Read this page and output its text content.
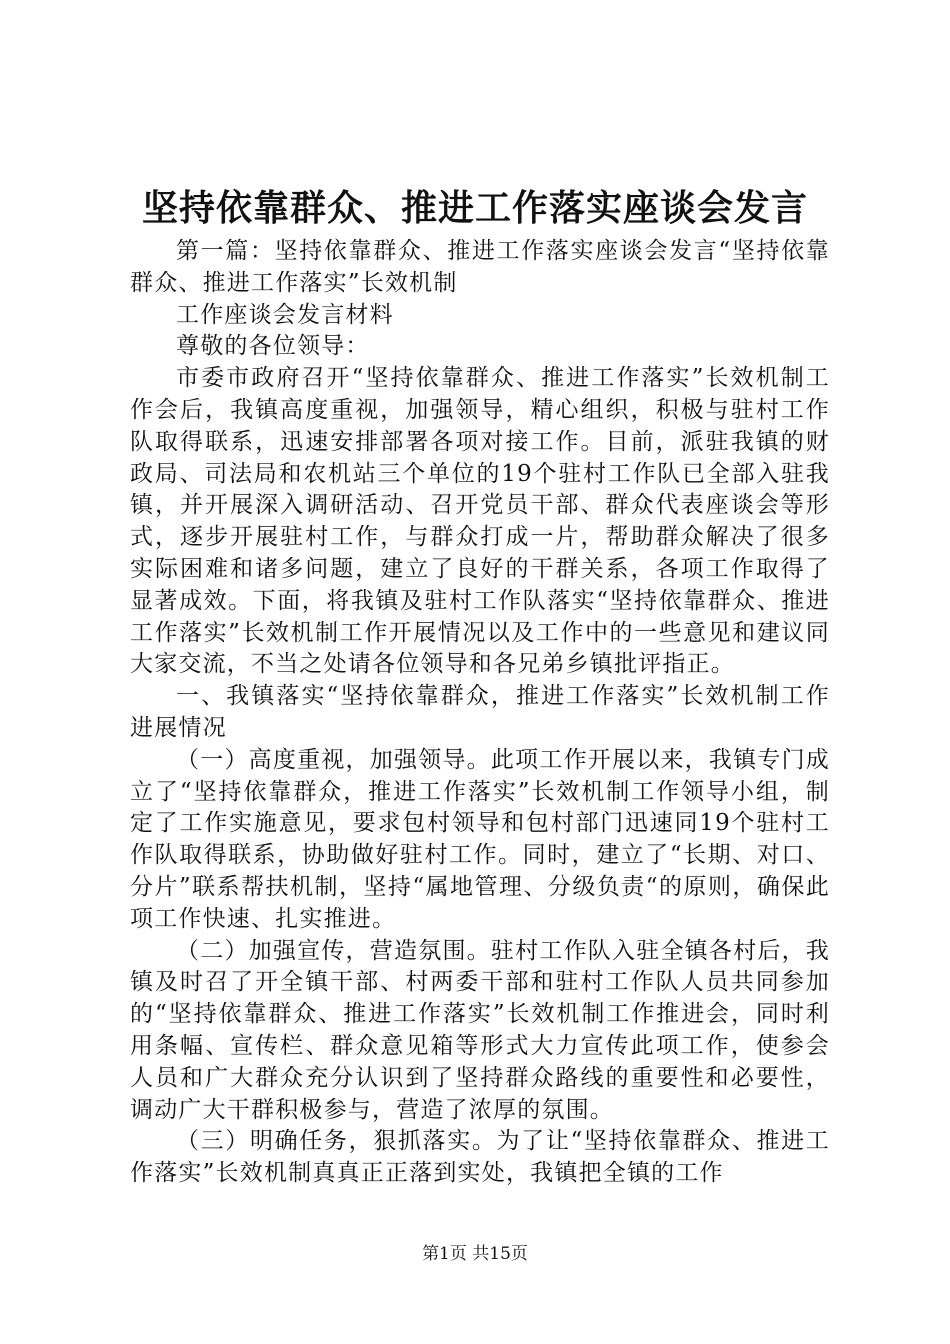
坚持依靠群众、推进工作落实座谈会发言

第一篇：坚持依靠群众、推进工作落实座谈会发言“坚持依靠群众、推进工作落实”长效机制

工作座谈会发言材料

尊敬的各位领导：

市委市政府召开“坚持依靠群众、推进工作落实”长效机制工作会后，我镇高度重视，加强领导，精心组织，积极与驻村工作队取得联系，迅速安排部署各项对接工作。目前，派驻我镇的财政局、司法局和农机站三个单位的19个驻村工作队已全部入驻我镇，并开展深入调研活动、召开党员干部、群众代表座谈会等形式，逐步开展驻村工作，与群众打成一片，帮助群众解决了很多实际困难和诸多问题，建立了良好的干群关系，各项工作取得了显著成效。下面，将我镇及驻村工作队落实“坚持依靠群众、推进工作落实”长效机制工作开展情况以及工作中的一些意见和建议同大家交流，不当之处请各位领导和各兄弟乡镇批评指正。

一、我镇落实“坚持依靠群众，推进工作落实”长效机制工作进展情况

（一）高度重视，加强领导。此项工作开展以来，我镇专门成立了“坚持依靠群众，推进工作落实”长效机制工作领导小组，制定了工作实施意见，要求包村领导和包村部门迅速同19个驻村工作队取得联系，协助做好驻村工作。同时，建立了“长期、对口、分片”联系帮扶机制，坚持“属地管理、分级负责“的原则，确保此项工作快速、扎实推进。

（二）加强宣传，营造氛围。驻村工作队入驻全镇各村后，我镇及时召了开全镇干部、村两委干部和驻村工作队人员共同参加的“坚持依靠群众、推进工作落实”长效机制工作推进会，同时利用条幅、宣传栏、群众意见箱等形式大力宣传此项工作，使参会人员和广大群众充分认识到了坚持群众路线的重要性和必要性，调动广大干群积极参与，营造了浓厚的氛围。

（三）明确任务，狠抓落实。为了让“坚持依靠群众、推进工作落实”长效机制真真正正落到实处，我镇把全镇的工作

第1页 共15页
